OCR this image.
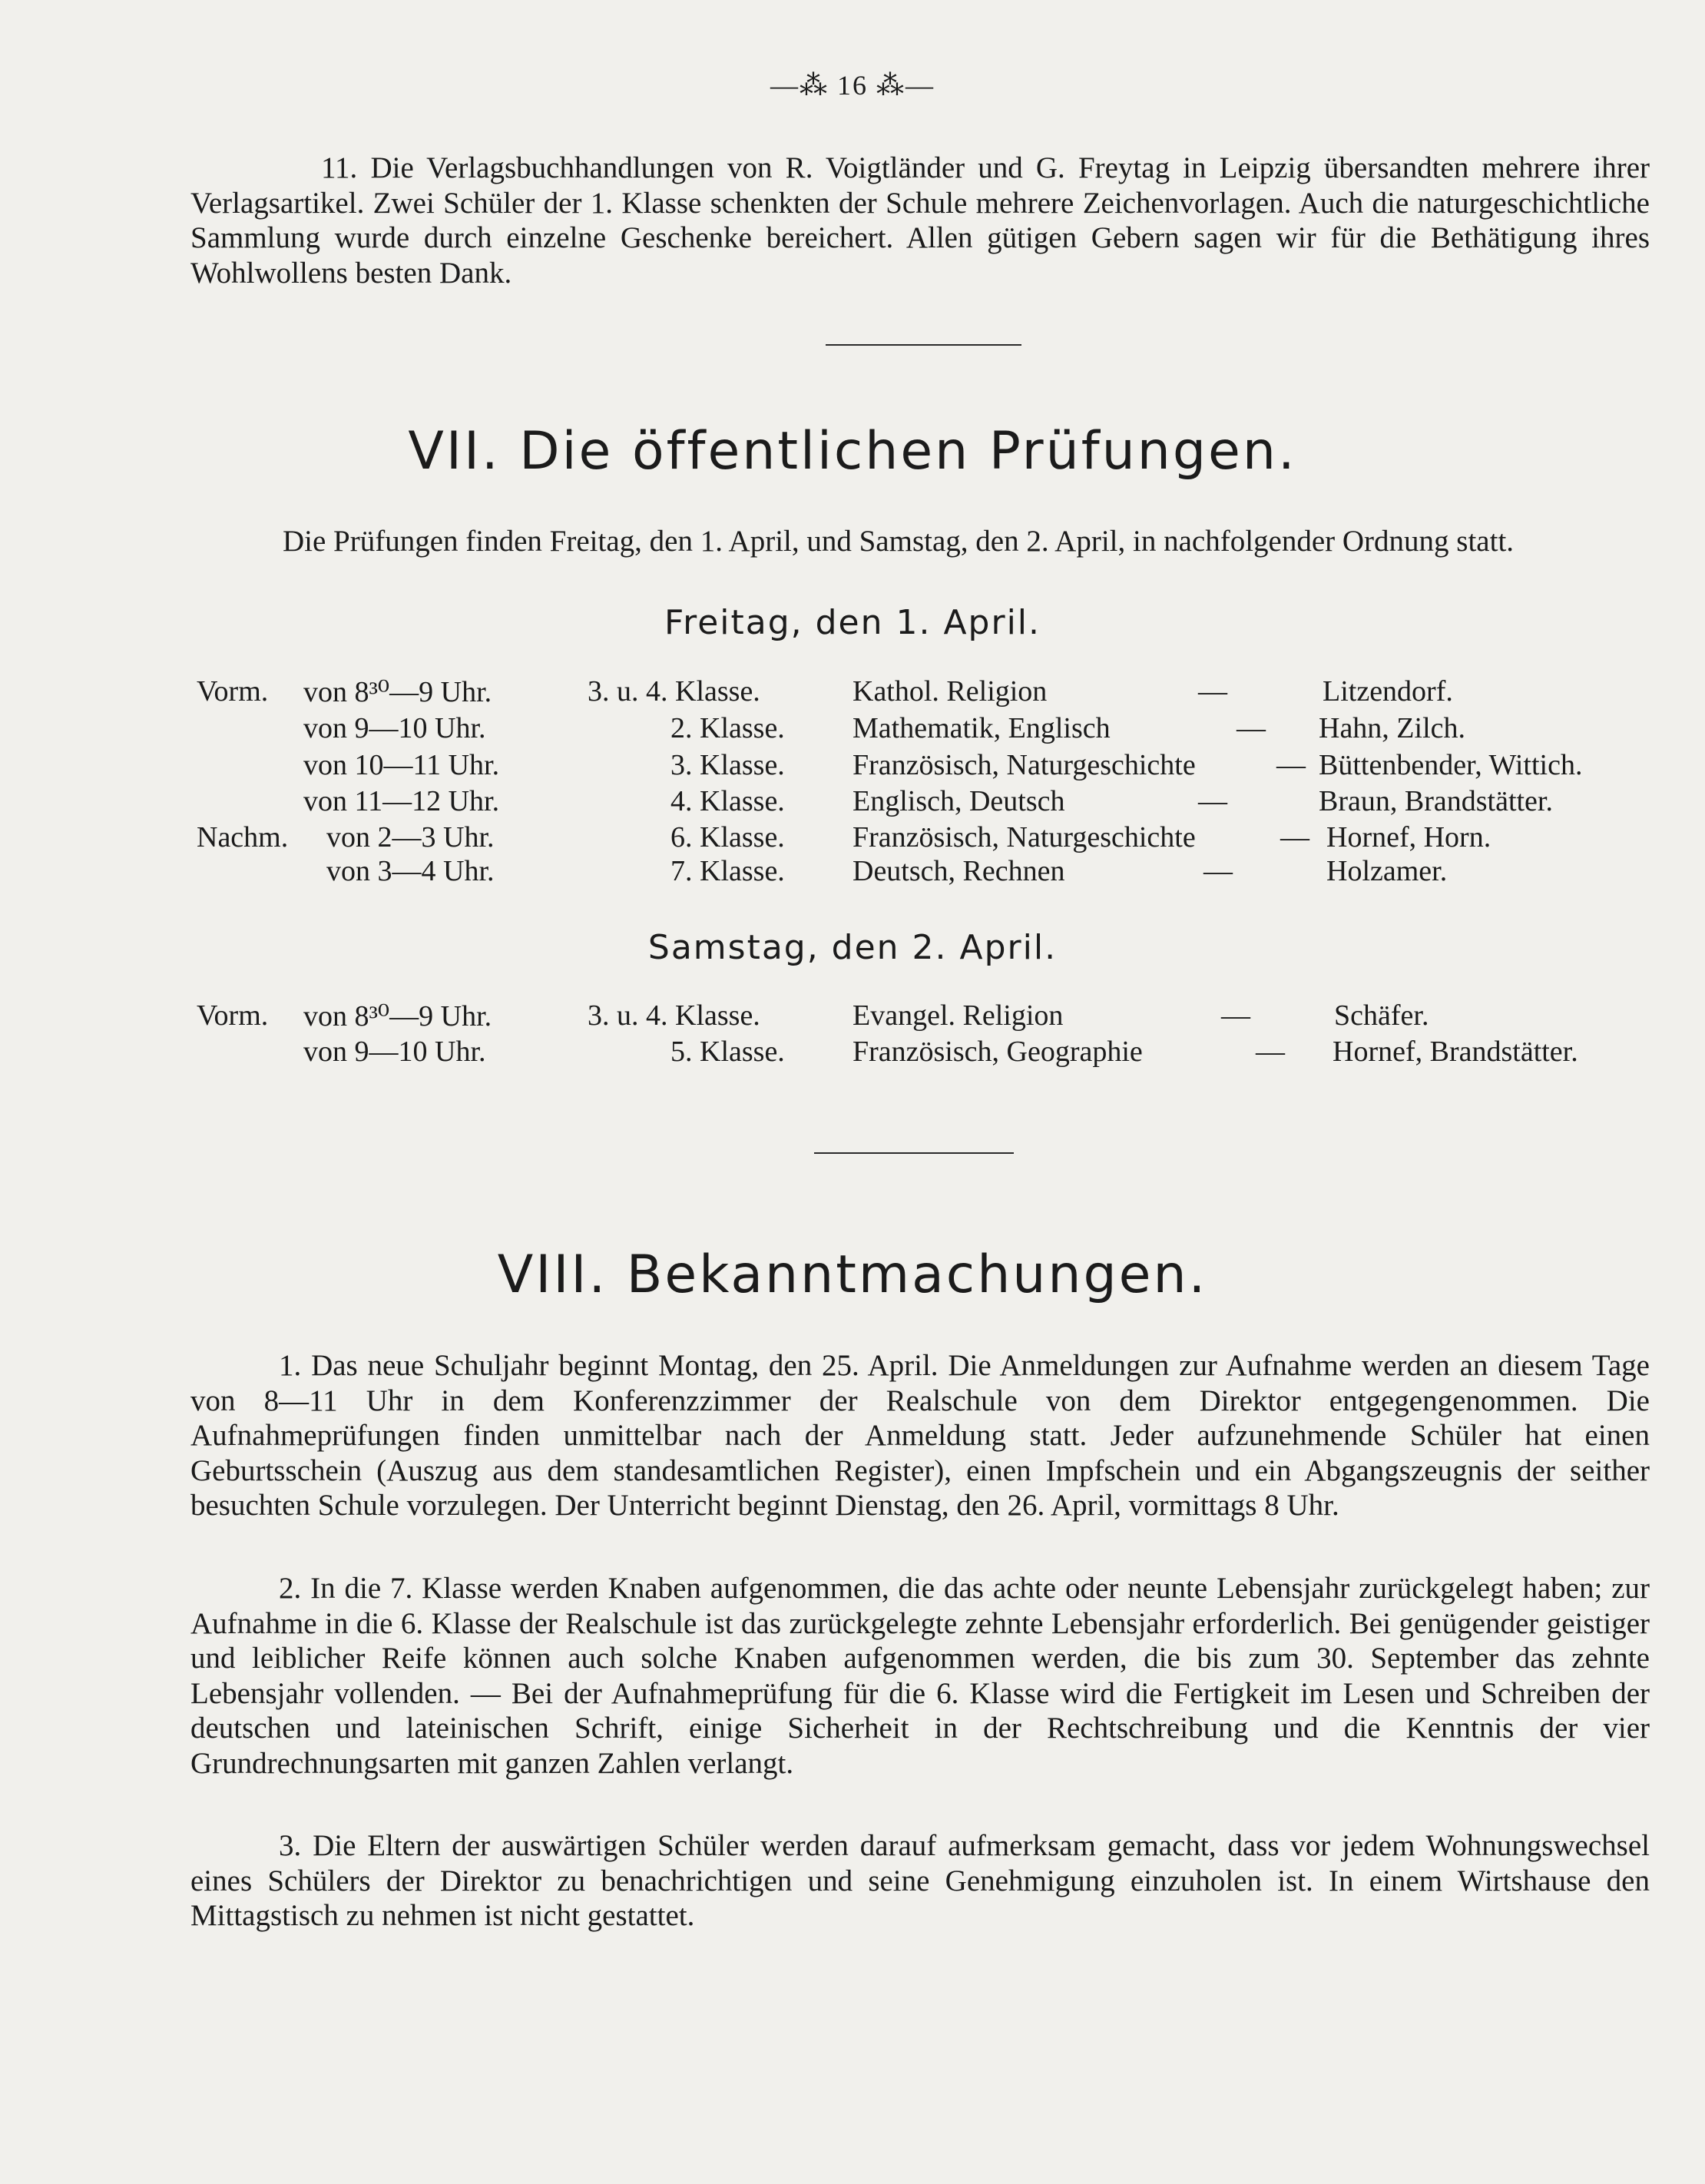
—⁂ 16 ⁂—
11. Die Verlagsbuchhandlungen von R. Voigtländer und G. Freytag in Leipzig übersandten mehrere ihrer Verlagsartikel. Zwei Schüler der 1. Klasse schenkten der Schule mehrere Zeichenvorlagen. Auch die naturgeschichtliche Sammlung wurde durch einzelne Geschenke bereichert. Allen gütigen Gebern sagen wir für die Bethätigung ihres Wohlwollens besten Dank.
VII. Die öffentlichen Prüfungen.
Die Prüfungen finden Freitag, den 1. April, und Samstag, den 2. April, in nachfolgender Ordnung statt.
Freitag, den 1. April.
Vorm. von 8³⁰—9 Uhr.	3. u. 4. Klasse.	Kathol. Religion	—	Litzendorf.
von 9—10 Uhr.	2. Klasse. Mathematik, Englisch	— Hahn, Zilch.
von 10—11 Uhr.	3. Klasse. Französisch, Naturgeschichte	— Büttenbender, Wittich.
von 11—12 Uhr.	4. Klasse. Englisch, Deutsch	—	Braun, Brandstätter.
Nachm. von 2—3 Uhr.	6. Klasse. Französisch, Naturgeschichte	— Hornef, Horn.
von 3—4 Uhr.	7. Klasse. Deutsch, Rechnen	—	Holzamer.
Samstag, den 2. April.
Vorm. von 8³⁰—9 Uhr.	3. u. 4. Klasse.	Evangel. Religion	—	Schäfer.
von 9—10 Uhr.	5. Klasse. Französisch, Geographie	— Hornef, Brandstätter.
VIII. Bekanntmachungen.
1. Das neue Schuljahr beginnt Montag, den 25. April. Die Anmeldungen zur Aufnahme werden an diesem Tage von 8—11 Uhr in dem Konferenzzimmer der Realschule von dem Direktor entgegengenommen. Die Aufnahmeprüfungen finden unmittelbar nach der Anmeldung statt. Jeder aufzunehmende Schüler hat einen Geburtsschein (Auszug aus dem standesamtlichen Register), einen Impfschein und ein Abgangszeugnis der seither besuchten Schule vorzulegen. Der Unterricht beginnt Dienstag, den 26. April, vormittags 8 Uhr.
2. In die 7. Klasse werden Knaben aufgenommen, die das achte oder neunte Lebensjahr zurückgelegt haben; zur Aufnahme in die 6. Klasse der Realschule ist das zurückgelegte zehnte Lebensjahr erforderlich. Bei genügender geistiger und leiblicher Reife können auch solche Knaben aufgenommen werden, die bis zum 30. September das zehnte Lebensjahr vollenden. — Bei der Aufnahmeprüfung für die 6. Klasse wird die Fertigkeit im Lesen und Schreiben der deutschen und lateinischen Schrift, einige Sicherheit in der Rechtschreibung und die Kenntnis der vier Grundrechnungsarten mit ganzen Zahlen verlangt.
3. Die Eltern der auswärtigen Schüler werden darauf aufmerksam gemacht, dass vor jedem Wohnungswechsel eines Schülers der Direktor zu benachrichtigen und seine Genehmigung einzuholen ist. In einem Wirtshause den Mittagstisch zu nehmen ist nicht gestattet.
